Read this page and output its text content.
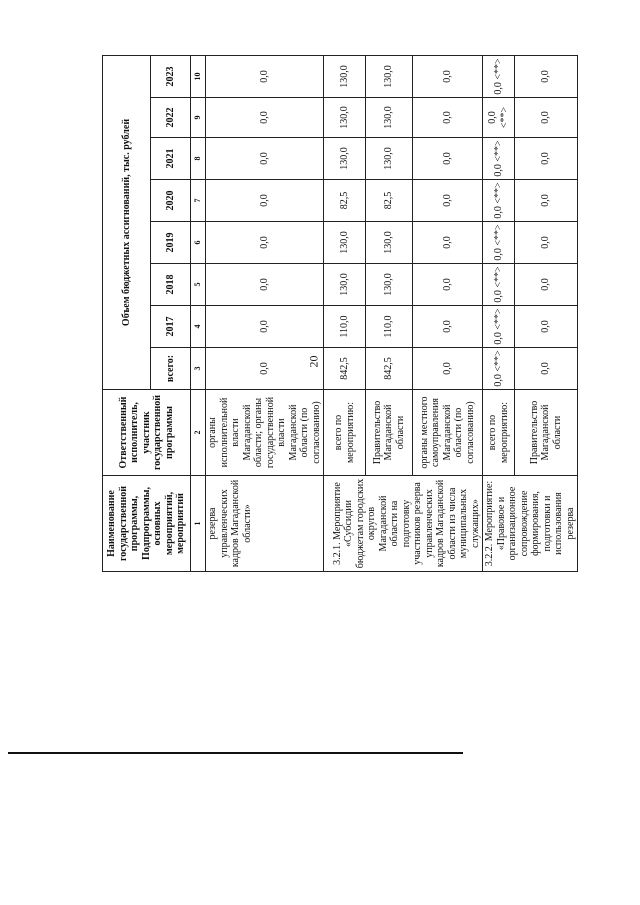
20
Наименование государственной программы, Подпрограммы, основных мероприятий, мероприятий	Ответственный исполнитель, участник государственной программы	Объем бюджетных ассигнований, тыс. рублей							
		всего:	2017	2018	2019	2020	2021	2022	2023
1	2	3	4	5	6	7	8	9	10
резерва управленческих кадров Магаданской области»	органы исполнительной власти Магаданской области; органы государственной власти Магаданской области (по согласованию)	0,0	0,0	0,0	0,0	0,0	0,0	0,0	0,0
3.2.1. Мероприятие «Субсидии бюджетам городских округов Магаданской области на подготовку участников резерва управленческих кадров Магаданской области из числа муниципальных служащих»	всего по мероприятию:	842,5	110,0	130,0	130,0	82,5	130,0	130,0	130,0
	Правительство Магаданской области	842,5	110,0	130,0	130,0	82,5	130,0	130,0	130,0
	органы местного самоуправления Магаданской области (по согласованию)	0,0	0,0	0,0	0,0	0,0	0,0	0,0	0,0
3.2.2. Мероприятие: «Правовое и организационное сопровождение формирования, подготовки и использования резерва	всего по мероприятию:	0,0 <**>	0,0 <**>	0,0 <**>	0,0 <**>	0,0 <**>	0,0 <**>	0,0 <**>	0,0 <**>
	Правительство Магаданской области	0,0	0,0	0,0	0,0	0,0	0,0	0,0	0,0
